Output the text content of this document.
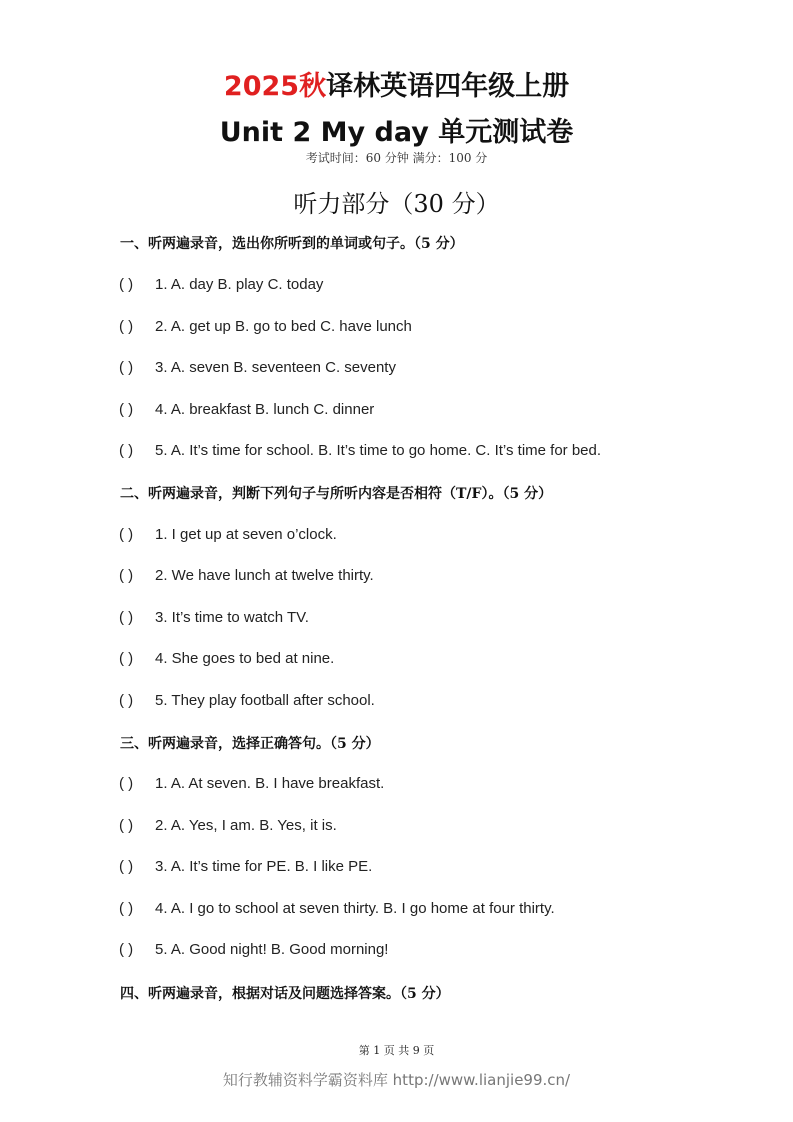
2025秋译林英语四年级上册
Unit 2 My day 单元测试卷
考试时间：60 分钟 满分：100 分
听力部分（30 分）
一、听两遍录音，选出你所听到的单词或句子。（5 分）
( ) 1. A. day B. play C. today
( ) 2. A. get up B. go to bed C. have lunch
( ) 3. A. seven B. seventeen C. seventy
( ) 4. A. breakfast B. lunch C. dinner
( ) 5. A. It’s time for school. B. It’s time to go home. C. It’s time for bed.
二、听两遍录音，判断下列句子与所听内容是否相符（T/F）。（5 分）
( ) 1. I get up at seven o’clock.
( ) 2. We have lunch at twelve thirty.
( ) 3. It’s time to watch TV.
( ) 4. She goes to bed at nine.
( ) 5. They play football after school.
三、听两遍录音，选择正确答句。（5 分）
( ) 1. A. At seven. B. I have breakfast.
( ) 2. A. Yes, I am. B. Yes, it is.
( ) 3. A. It’s time for PE. B. I like PE.
( ) 4. A. I go to school at seven thirty. B. I go home at four thirty.
( ) 5. A. Good night! B. Good morning!
四、听两遍录音，根据对话及问题选择答案。（5 分）
第 1 页 共 9 页
知行教辅资料学霸资料库 http://www.lianjie99.cn/
